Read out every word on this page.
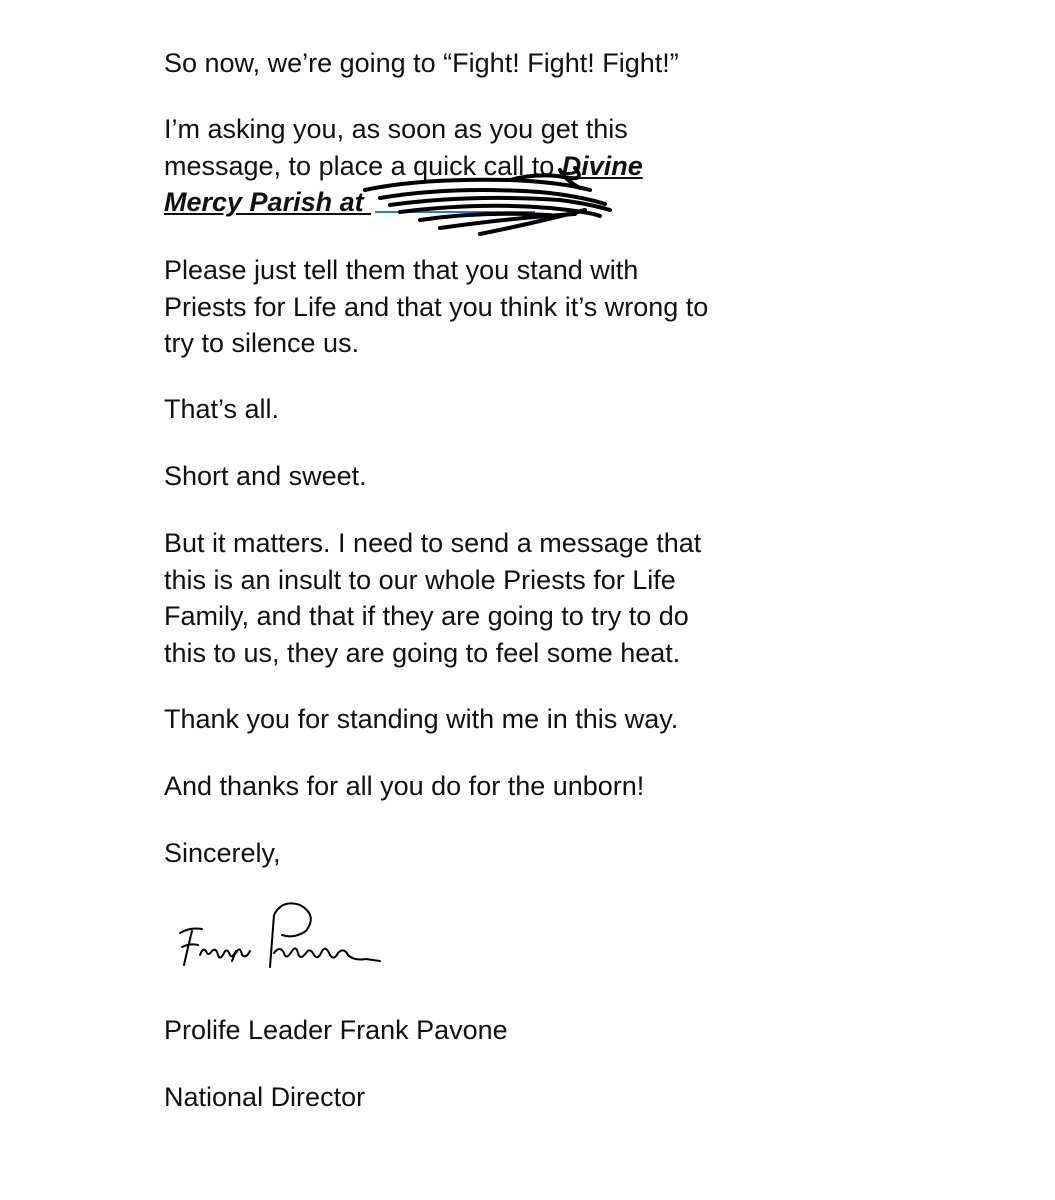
So now, we’re going to “Fight! Fight! Fight!”

I’m asking you, as soon as you get this
message, to place a quick call to Divine
Mercy Parish at

Please just tell them that you stand with
Priests for Life and that you think it’s wrong to
try to silence us.

That’s all.

Short and sweet.

But it matters. I need to send a message that
this is an insult to our whole Priests for Life
Family, and that if they are going to try to do
this to us, they are going to feel some heat.

Thank you for standing with me in this way.

And thanks for all you do for the unborn!

Sincerely,

Prolife Leader Frank Pavone

National Director
